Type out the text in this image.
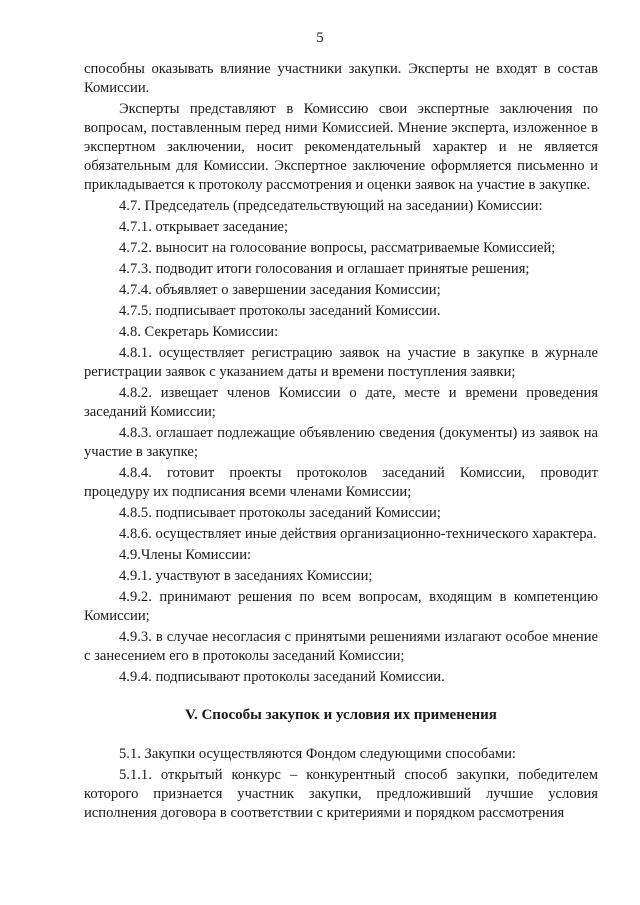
5

способны оказывать влияние участники закупки. Эксперты не входят в состав Комиссии.

Эксперты представляют в Комиссию свои экспертные заключения по вопросам, поставленным перед ними Комиссией. Мнение эксперта, изложенное в экспертном заключении, носит рекомендательный характер и не является обязательным для Комиссии. Экспертное заключение оформляется письменно и прикладывается к протоколу рассмотрения и оценки заявок на участие в закупке.

4.7. Председатель (председательствующий на заседании) Комиссии:

4.7.1. открывает заседание;

4.7.2. выносит на голосование вопросы, рассматриваемые Комиссией;

4.7.3. подводит итоги голосования и оглашает принятые решения;

4.7.4. объявляет о завершении заседания Комиссии;

4.7.5. подписывает протоколы заседаний Комиссии.

4.8. Секретарь Комиссии:

4.8.1. осуществляет регистрацию заявок на участие в закупке в журнале регистрации заявок с указанием даты и времени поступления заявки;

4.8.2. извещает членов Комиссии о дате, месте и времени проведения заседаний Комиссии;

4.8.3. оглашает подлежащие объявлению сведения (документы) из заявок на участие в закупке;

4.8.4. готовит проекты протоколов заседаний Комиссии, проводит процедуру их подписания всеми членами Комиссии;

4.8.5. подписывает протоколы заседаний Комиссии;

4.8.6. осуществляет иные действия организационно-технического характера.

4.9.Члены Комиссии:

4.9.1. участвуют в заседаниях Комиссии;

4.9.2. принимают решения по всем вопросам, входящим в компетенцию Комиссии;

4.9.3. в случае несогласия с принятыми решениями излагают особое мнение с занесением его в протоколы заседаний Комиссии;

4.9.4. подписывают протоколы заседаний Комиссии.

V. Способы закупок и условия их применения

5.1. Закупки осуществляются Фондом следующими способами:

5.1.1. открытый конкурс – конкурентный способ закупки, победителем которого признается участник закупки, предложивший лучшие условия исполнения договора в соответствии с критериями и порядком рассмотрения
